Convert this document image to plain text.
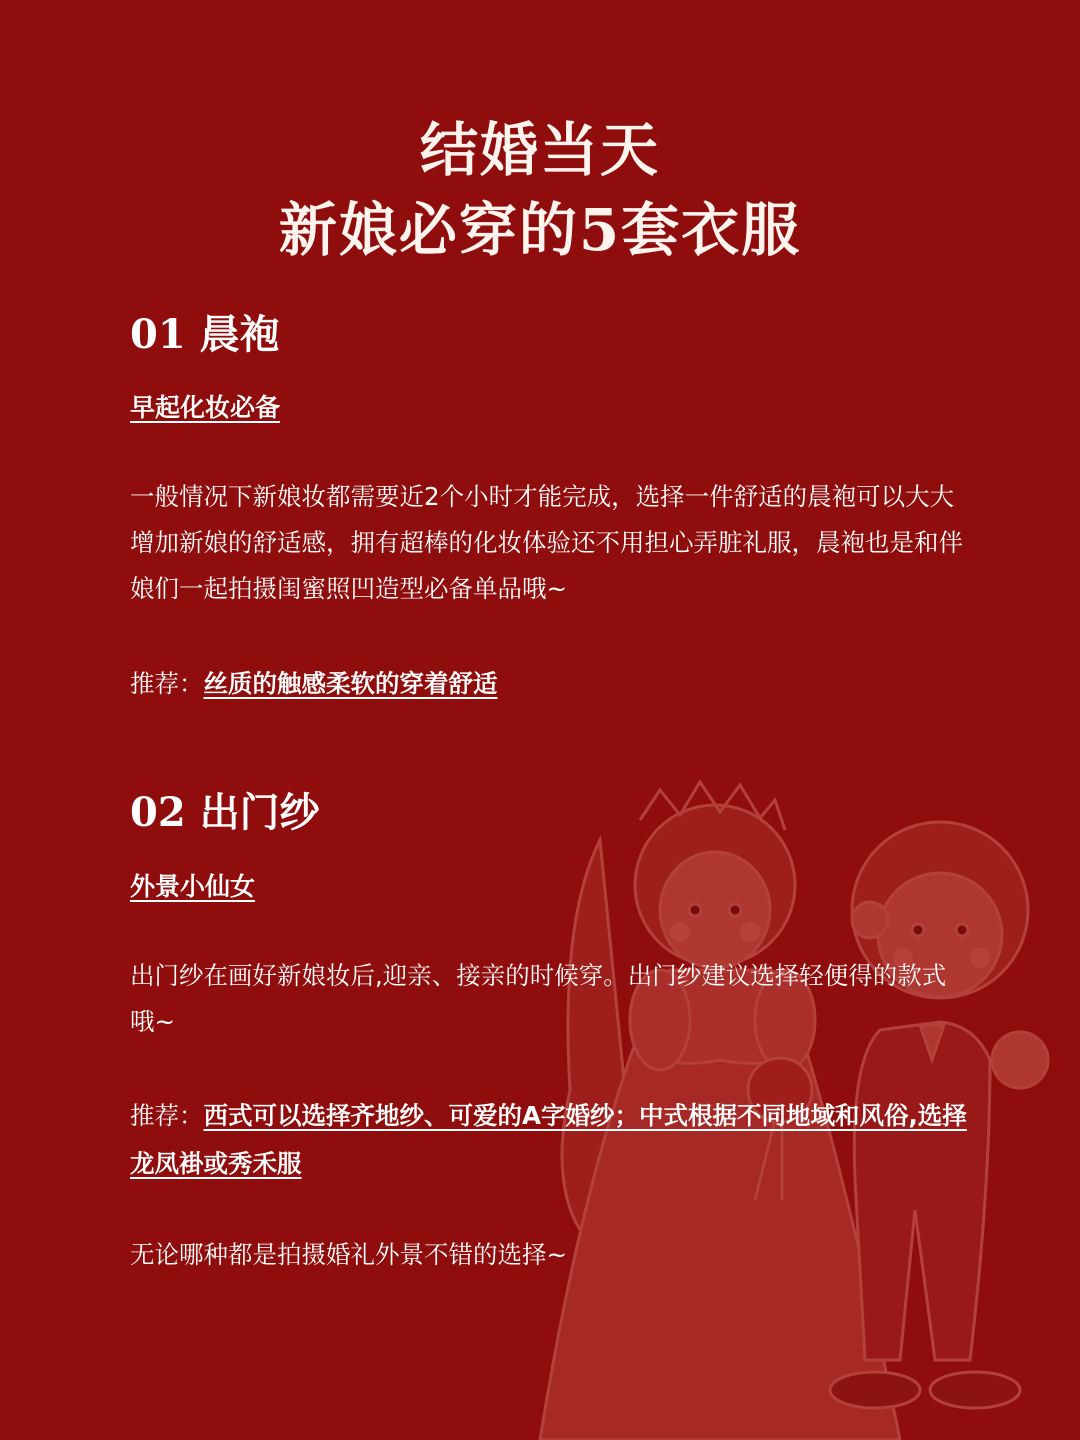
结婚当天
新娘必穿的5套衣服
01 晨袍
早起化妆必备
一般情况下新娘妆都需要近2个小时才能完成，选择一件舒适的晨袍可以大大增加新娘的舒适感，拥有超棒的化妆体验还不用担心弄脏礼服，晨袍也是和伴娘们一起拍摄闺蜜照凹造型必备单品哦~
推荐：丝质的触感柔软的穿着舒适
02 出门纱
外景小仙女
出门纱在画好新娘妆后,迎亲、接亲的时候穿。出门纱建议选择轻便得的款式哦~
推荐：西式可以选择齐地纱、可爱的A字婚纱；中式根据不同地域和风俗,选择龙凤褂或秀禾服
无论哪种都是拍摄婚礼外景不错的选择~
